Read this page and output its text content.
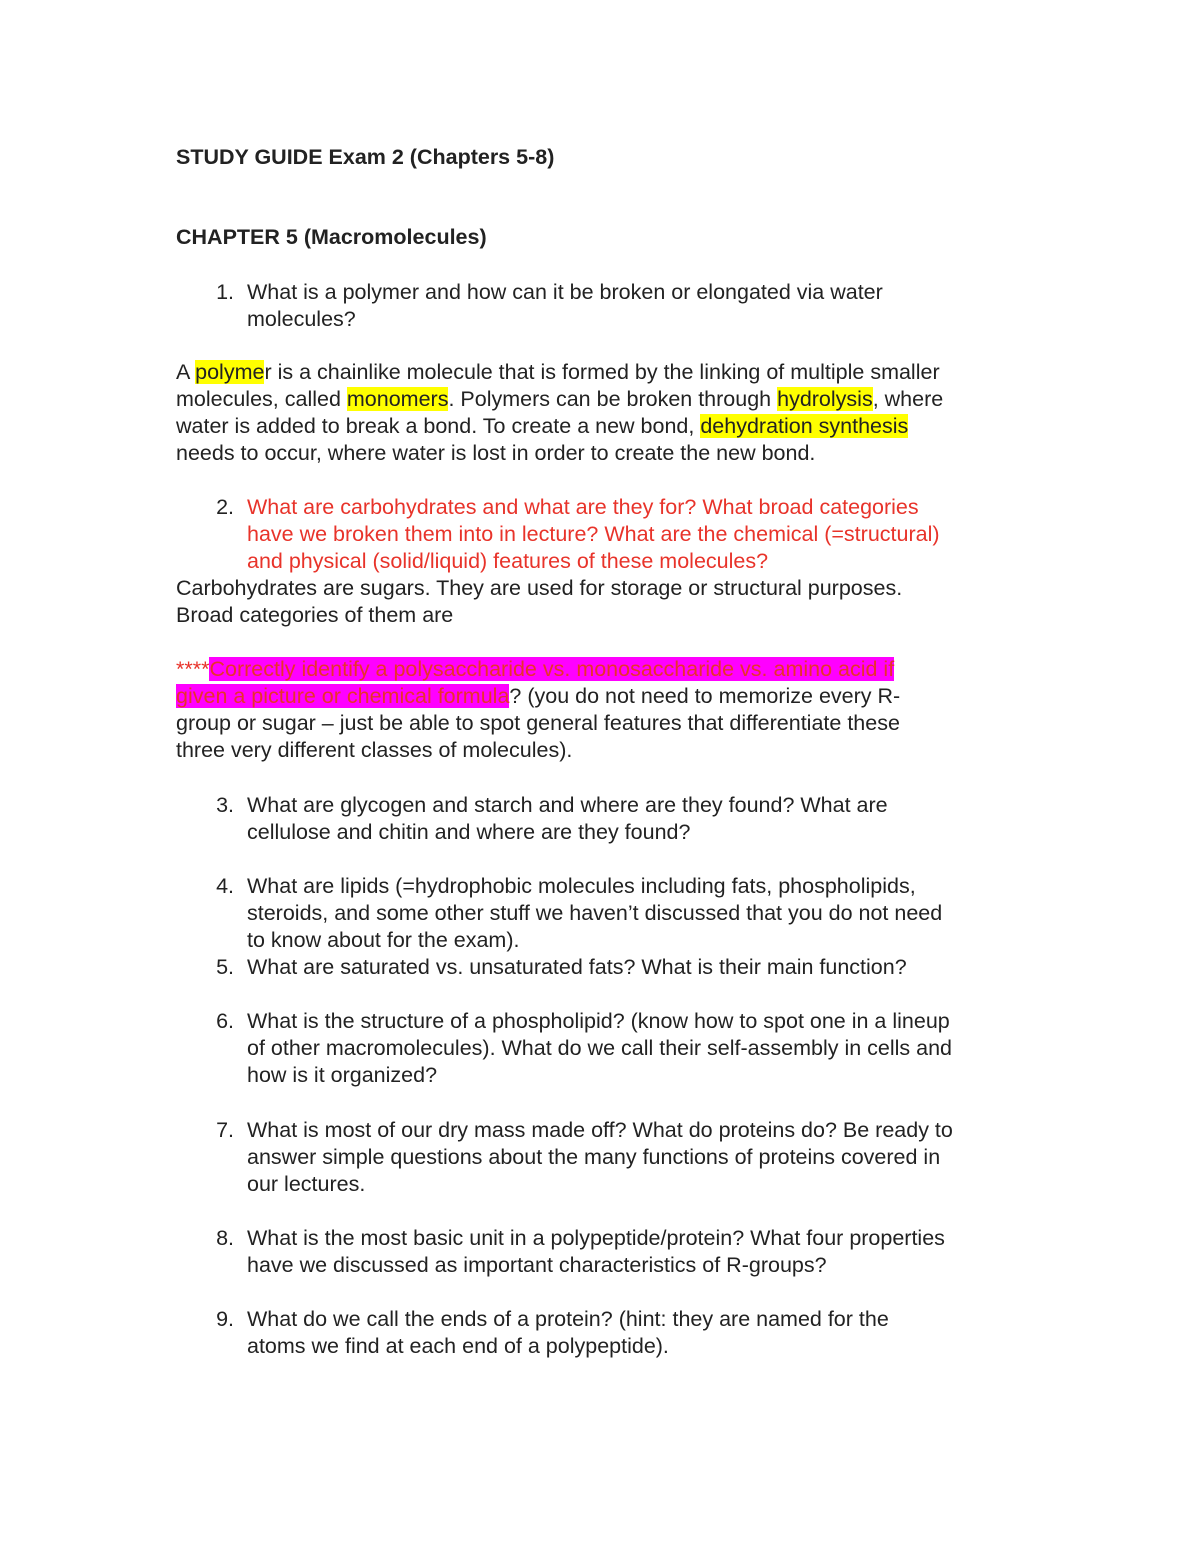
STUDY GUIDE Exam 2 (Chapters 5-8)
CHAPTER 5 (Macromolecules)
1. What is a polymer and how can it be broken or elongated via water
molecules?
A polymer is a chainlike molecule that is formed by the linking of multiple smaller
molecules, called monomers. Polymers can be broken through hydrolysis, where
water is added to break a bond. To create a new bond, dehydration synthesis
needs to occur, where water is lost in order to create the new bond.
2. What are carbohydrates and what are they for? What broad categories
have we broken them into in lecture? What are the chemical (=structural)
and physical (solid/liquid) features of these molecules?
Carbohydrates are sugars. They are used for storage or structural purposes.
Broad categories of them are
****Correctly identify a polysaccharide vs. monosaccharide vs. amino acid if
given a picture or chemical formula? (you do not need to memorize every R-
group or sugar – just be able to spot general features that differentiate these
three very different classes of molecules).
3. What are glycogen and starch and where are they found? What are
cellulose and chitin and where are they found?
4. What are lipids (=hydrophobic molecules including fats, phospholipids,
steroids, and some other stuff we haven’t discussed that you do not need
to know about for the exam).
5. What are saturated vs. unsaturated fats? What is their main function?
6. What is the structure of a phospholipid? (know how to spot one in a lineup
of other macromolecules). What do we call their self-assembly in cells and
how is it organized?
7. What is most of our dry mass made off? What do proteins do? Be ready to
answer simple questions about the many functions of proteins covered in
our lectures.
8. What is the most basic unit in a polypeptide/protein? What four properties
have we discussed as important characteristics of R-groups?
9. What do we call the ends of a protein? (hint: they are named for the
atoms we find at each end of a polypeptide).
